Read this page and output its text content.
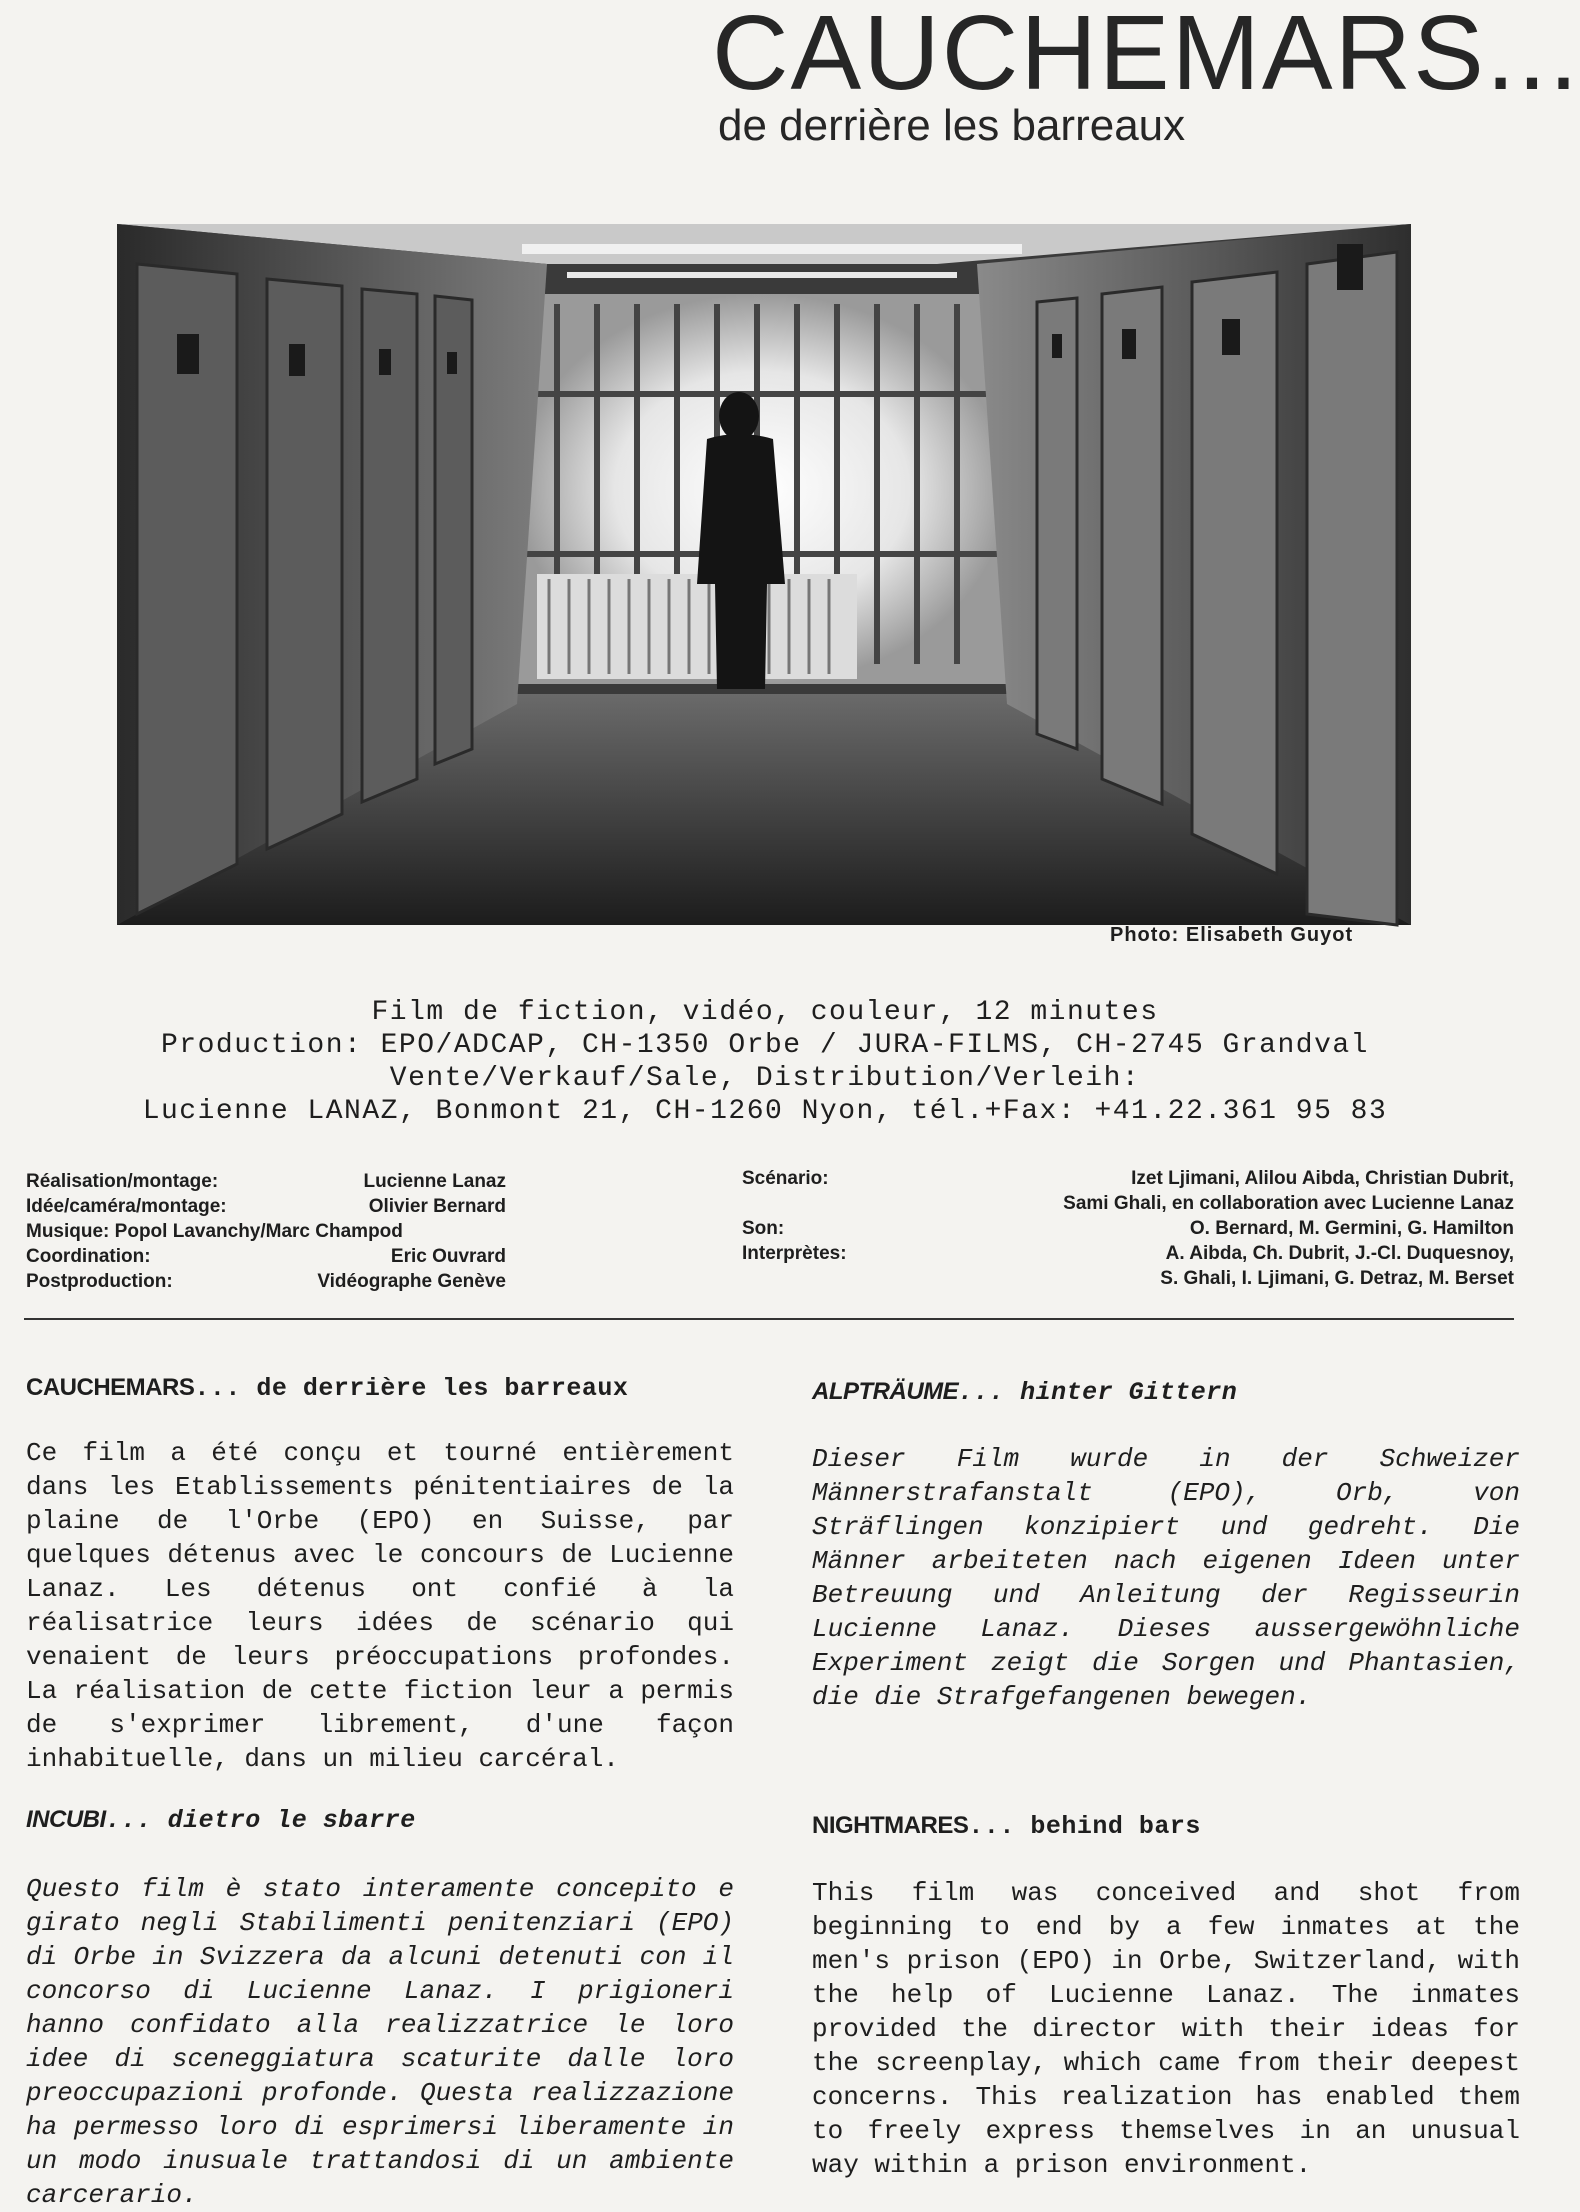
CAUCHEMARS...
de derrière les barreaux
Photo: Elisabeth Guyot
Film de fiction, vidéo, couleur, 12 minutes
Production: EPO/ADCAP, CH-1350 Orbe / JURA-FILMS, CH-2745 Grandval
Vente/Verkauf/Sale, Distribution/Verleih:
Lucienne LANAZ, Bonmont 21, CH-1260 Nyon, tél.+Fax: +41.22.361 95 83
Réalisation/montage:	Lucienne Lanaz
Idée/caméra/montage:	Olivier Bernard
Musique: Popol Lavanchy/Marc Champod
Coordination:	Eric Ouvrard
Postproduction:	Vidéographe Genève
Scénario:	Izet Ljimani, Alilou Aibda, Christian Dubrit,
Sami Ghali, en collaboration avec Lucienne Lanaz
Son:	O. Bernard, M. Germini, G. Hamilton
Interprètes:	A. Aibda, Ch. Dubrit, J.-Cl. Duquesnoy,
S. Ghali, I. Ljimani, G. Detraz, M. Berset
CAUCHEMARS... de derrière les barreaux

Ce film a été conçu et tourné entièrement dans les Etablissements pénitentiaires de la plaine de l'Orbe (EPO) en Suisse, par quelques détenus avec le concours de Lucienne Lanaz. Les détenus ont confié à la réalisatrice leurs idées de scénario qui venaient de leurs préoccupations profondes. La réalisation de cette fiction leur a permis de s'exprimer librement, d'une façon inhabituelle, dans un milieu carcéral.

ALPTRÄUME... hinter Gittern

Dieser Film wurde in der Schweizer Männerstrafanstalt (EPO), Orb, von Sträflingen konzipiert und gedreht. Die Männer arbeiteten nach eigenen Ideen unter Betreuung und Anleitung der Regisseurin Lucienne Lanaz. Dieses aussergewöhnliche Experiment zeigt die Sorgen und Phantasien, die die Strafgefangenen bewegen.

INCUBI... dietro le sbarre

Questo film è stato interamente concepito e girato negli Stabilimenti penitenziari (EPO) di Orbe in Svizzera da alcuni detenuti con il concorso di Lucienne Lanaz. I prigioneri hanno confidato alla realizzatrice le loro idee di sceneggiatura scaturite dalle loro preoccupazioni profonde. Questa realizzazione ha permesso loro di esprimersi liberamente in un modo inusuale trattandosi di un ambiente carcerario.

NIGHTMARES... behind bars

This film was conceived and shot from beginning to end by a few inmates at the men's prison (EPO) in Orbe, Switzerland, with the help of Lucienne Lanaz. The inmates provided the director with their ideas for the screenplay, which came from their deepest concerns. This realization has enabled them to freely express themselves in an unusual way within a prison environment.
